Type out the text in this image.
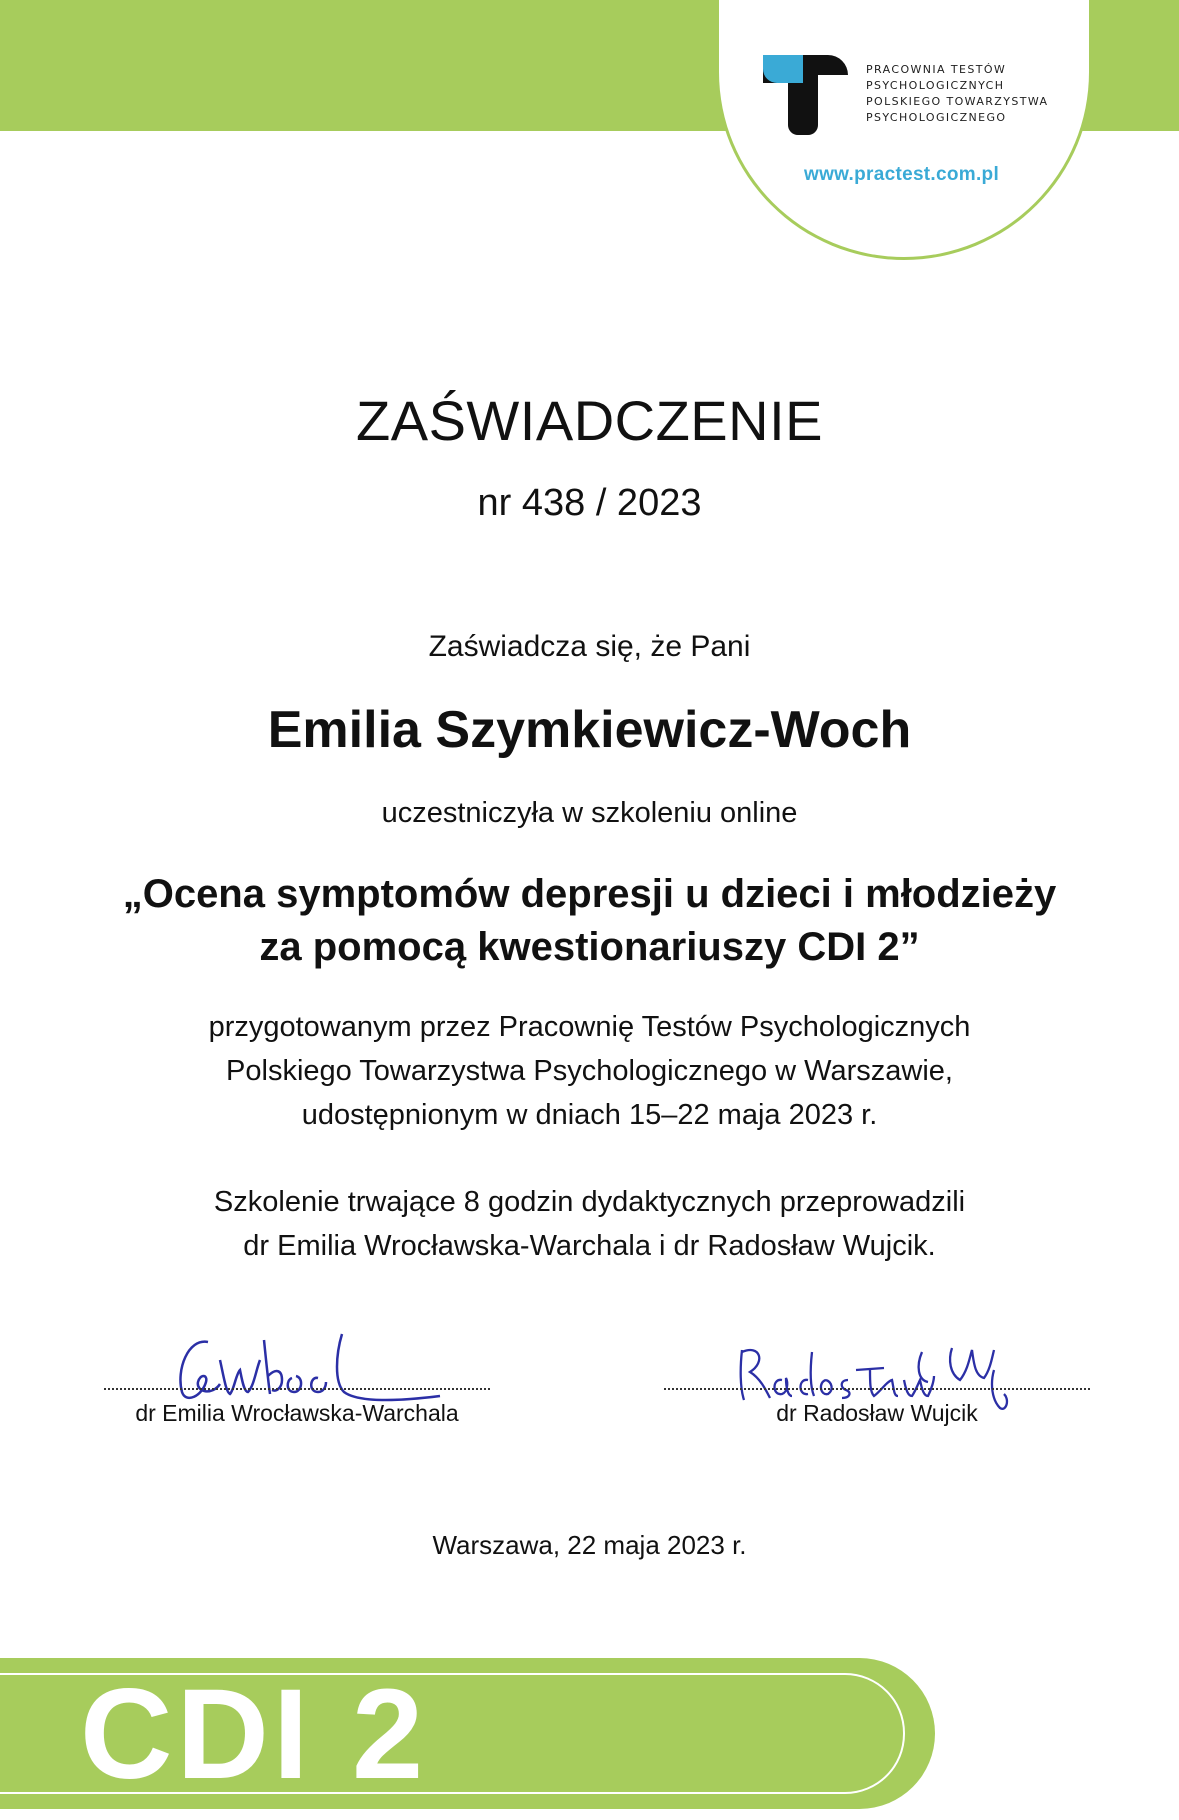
PRACOWNIA TESTÓW
PSYCHOLOGICZNYCH
POLSKIEGO TOWARZYSTWA
PSYCHOLOGICZNEGO
www.practest.com.pl
ZAŚWIADCZENIE
nr 438 / 2023
Zaświadcza się, że Pani
Emilia Szymkiewicz-Woch
uczestniczyła w szkoleniu online
„Ocena symptomów depresji u dzieci i młodzieży
za pomocą kwestionariuszy CDI 2”
przygotowanym przez Pracownię Testów Psychologicznych
Polskiego Towarzystwa Psychologicznego w Warszawie,
udostępnionym w dniach 15–22 maja 2023 r.
Szkolenie trwające 8 godzin dydaktycznych przeprowadzili
dr Emilia Wrocławska-Warchala i dr Radosław Wujcik.
dr Emilia Wrocławska-Warchala	dr Radosław Wujcik
Warszawa, 22 maja 2023 r.
CDI 2
